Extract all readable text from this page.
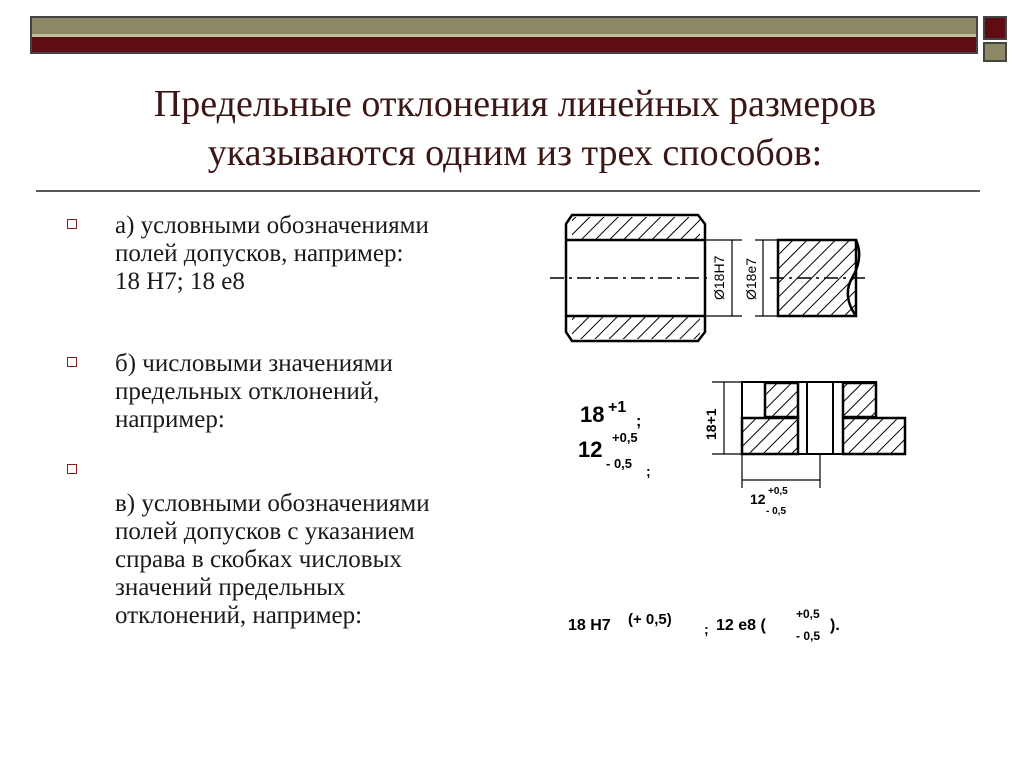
Предельные отклонения линейных размеров
указываются одним из трех способов:

а) условными обозначениями
полей допусков, например:
18 Н7; 18 е8

б) числовыми значениями
предельных отклонений,
например:

в) условными обозначениями
полей допусков с указанием
справа в скобках числовых
значений предельных
отклонений, например:

Ø18H7 Ø18e7
18 +1
;
12 +0,5
- 0,5 ;
18+1
12 +0,5
- 0,5
18 Н7 (+ 0,5)
; 12 е8 (
+0,5
- 0,5
).
